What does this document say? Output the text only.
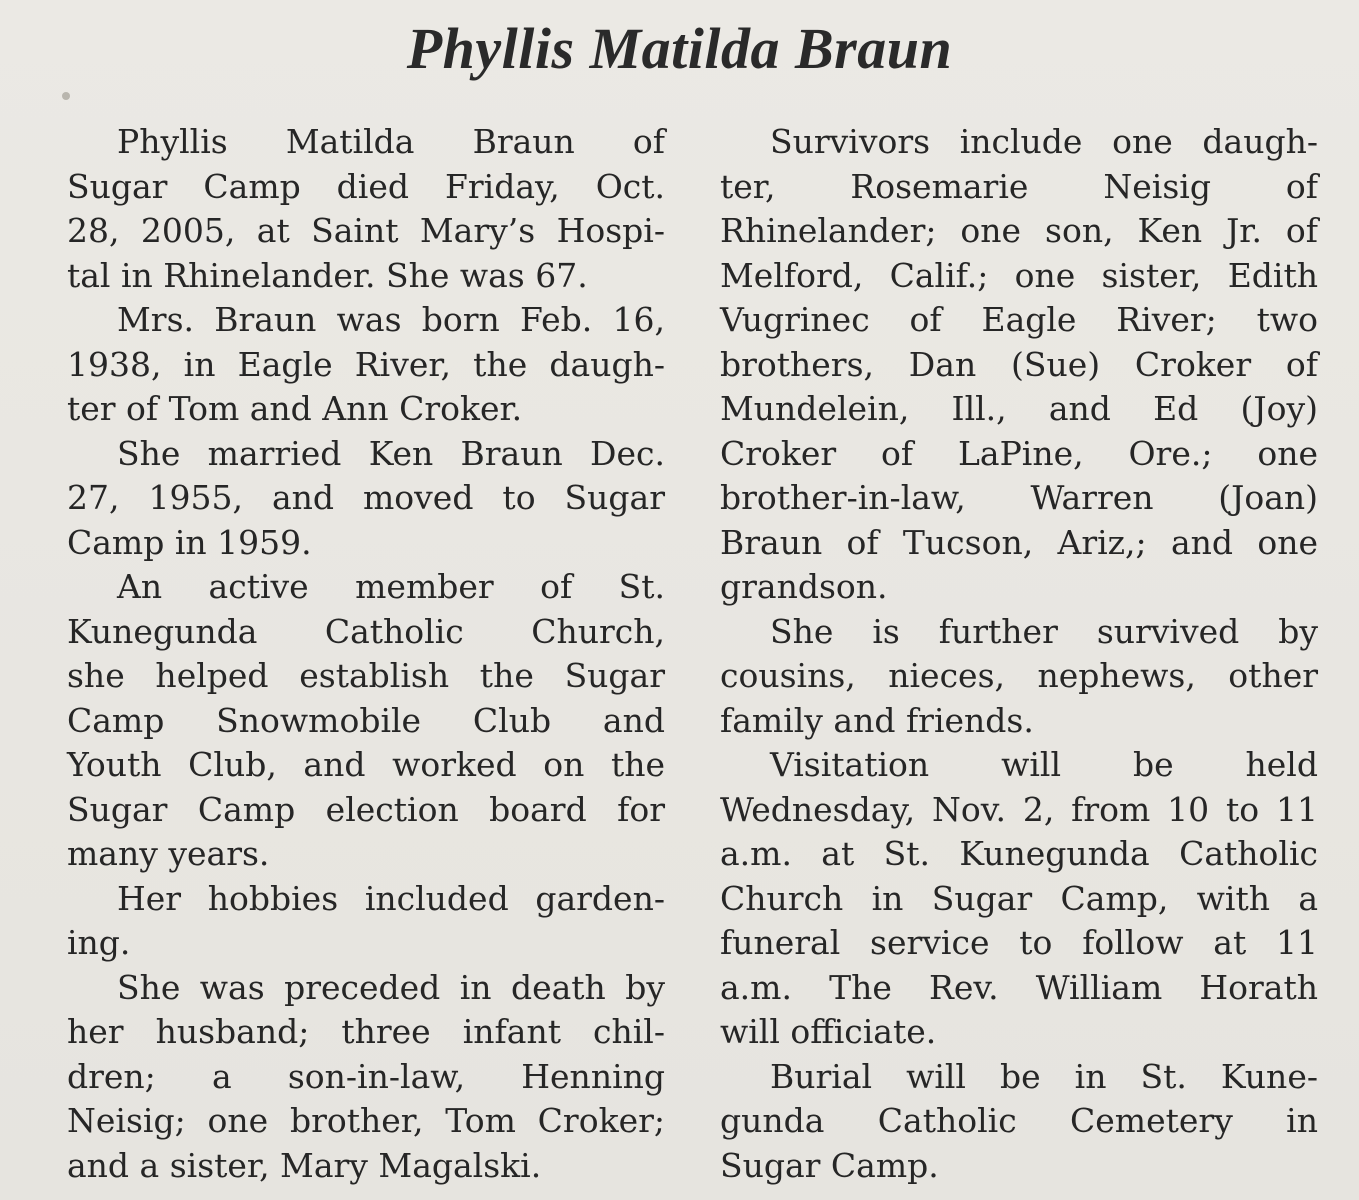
Phyllis Matilda Braun
Phyllis Matilda Braun of
Sugar Camp died Friday, Oct.
28, 2005, at Saint Mary’s Hospi-
tal in Rhinelander. She was 67.
Mrs. Braun was born Feb. 16,
1938, in Eagle River, the daugh-
ter of Tom and Ann Croker.
She married Ken Braun Dec.
27, 1955, and moved to Sugar
Camp in 1959.
An active member of St.
Kunegunda Catholic Church,
she helped establish the Sugar
Camp Snowmobile Club and
Youth Club, and worked on the
Sugar Camp election board for
many years.
Her hobbies included garden-
ing.
She was preceded in death by
her husband; three infant chil-
dren; a son-in-law, Henning
Neisig; one brother, Tom Croker;
and a sister, Mary Magalski.
Survivors include one daugh-
ter, Rosemarie Neisig of
Rhinelander; one son, Ken Jr. of
Melford, Calif.; one sister, Edith
Vugrinec of Eagle River; two
brothers, Dan (Sue) Croker of
Mundelein, Ill., and Ed (Joy)
Croker of LaPine, Ore.; one
brother-in-law, Warren (Joan)
Braun of Tucson, Ariz,; and one
grandson.
She is further survived by
cousins, nieces, nephews, other
family and friends.
Visitation will be held
Wednesday, Nov. 2, from 10 to 11
a.m. at St. Kunegunda Catholic
Church in Sugar Camp, with a
funeral service to follow at 11
a.m. The Rev. William Horath
will officiate.
Burial will be in St. Kune-
gunda Catholic Cemetery in
Sugar Camp.
